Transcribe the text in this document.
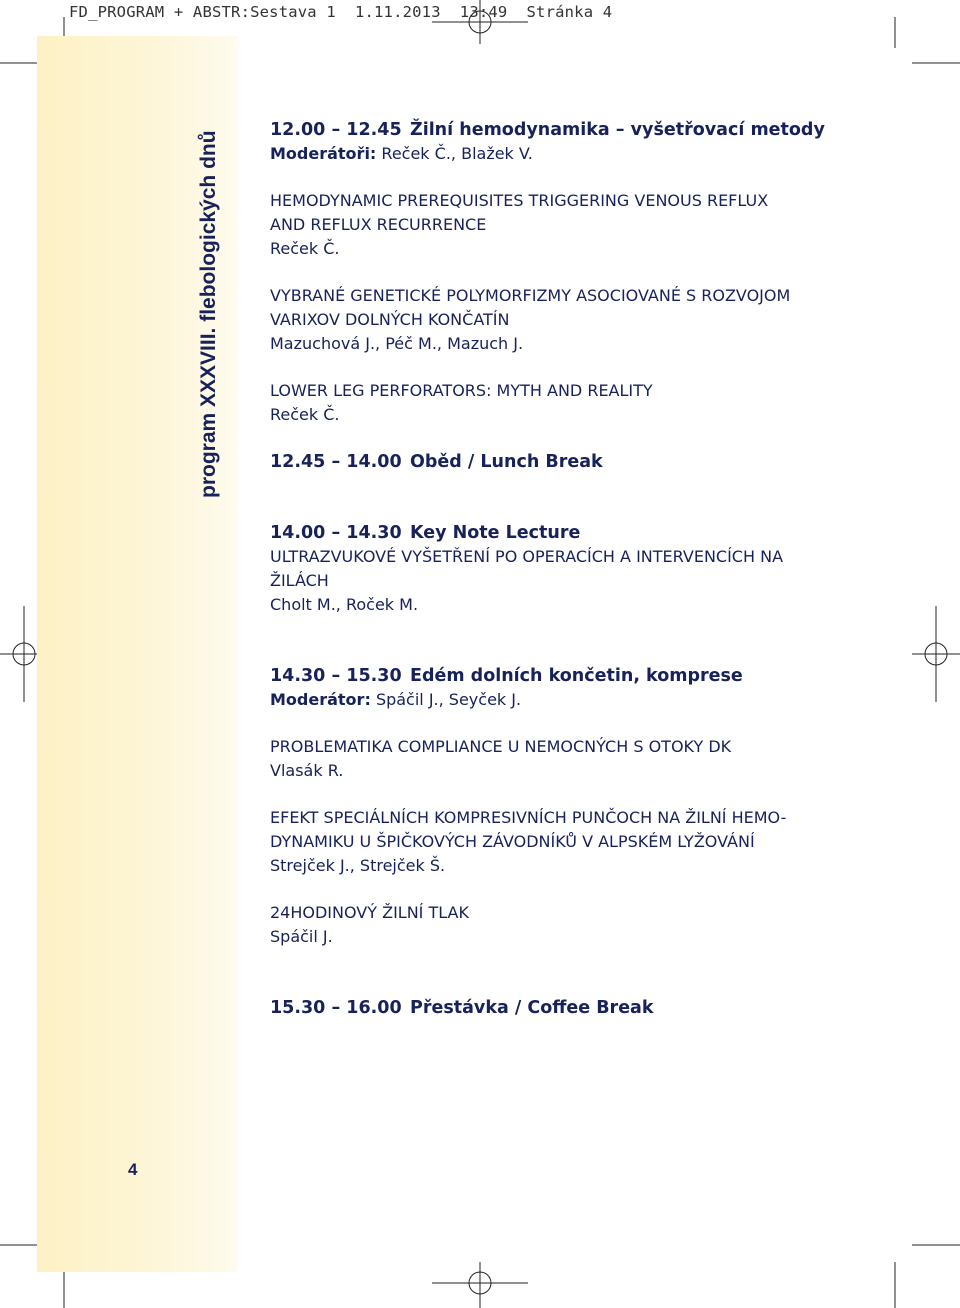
FD_PROGRAM + ABSTR:Sestava 1  1.11.2013  13:49  Stránka 4
program XXXVIII. flebologických dnů
4
12.00 – 12.45 Žilní hemodynamika – vyšetřovací metody
Moderátoři: Reček Č., Blažek V.
HEMODYNAMIC PREREQUISITES TRIGGERING VENOUS REFLUX
AND REFLUX RECURRENCE
Reček Č.
VYBRANÉ GENETICKÉ POLYMORFIZMY ASOCIOVANÉ S ROZVOJOM
VARIXOV DOLNÝCH KONČATÍN
Mazuchová J., Péč M., Mazuch J.
LOWER LEG PERFORATORS: MYTH AND REALITY
Reček Č.
12.45 – 14.00 Oběd / Lunch Break
14.00 – 14.30 Key Note Lecture
ULTRAZVUKOVÉ VYŠETŘENÍ PO OPERACÍCH A INTERVENCÍCH NA
ŽILÁCH
Cholt M., Roček M.
14.30 – 15.30 Edém dolních končetin, komprese
Moderátor: Spáčil J., Seyček J.
PROBLEMATIKA COMPLIANCE U NEMOCNÝCH S OTOKY DK
Vlasák R.
EFEKT SPECIÁLNÍCH KOMPRESIVNÍCH PUNČOCH NA ŽILNÍ HEMO-
DYNAMIKU U ŠPIČKOVÝCH ZÁVODNÍKŮ V ALPSKÉM LYŽOVÁNÍ
Strejček J., Strejček Š.
24HODINOVÝ ŽILNÍ TLAK
Spáčil J.
15.30 – 16.00 Přestávka / Coffee Break
